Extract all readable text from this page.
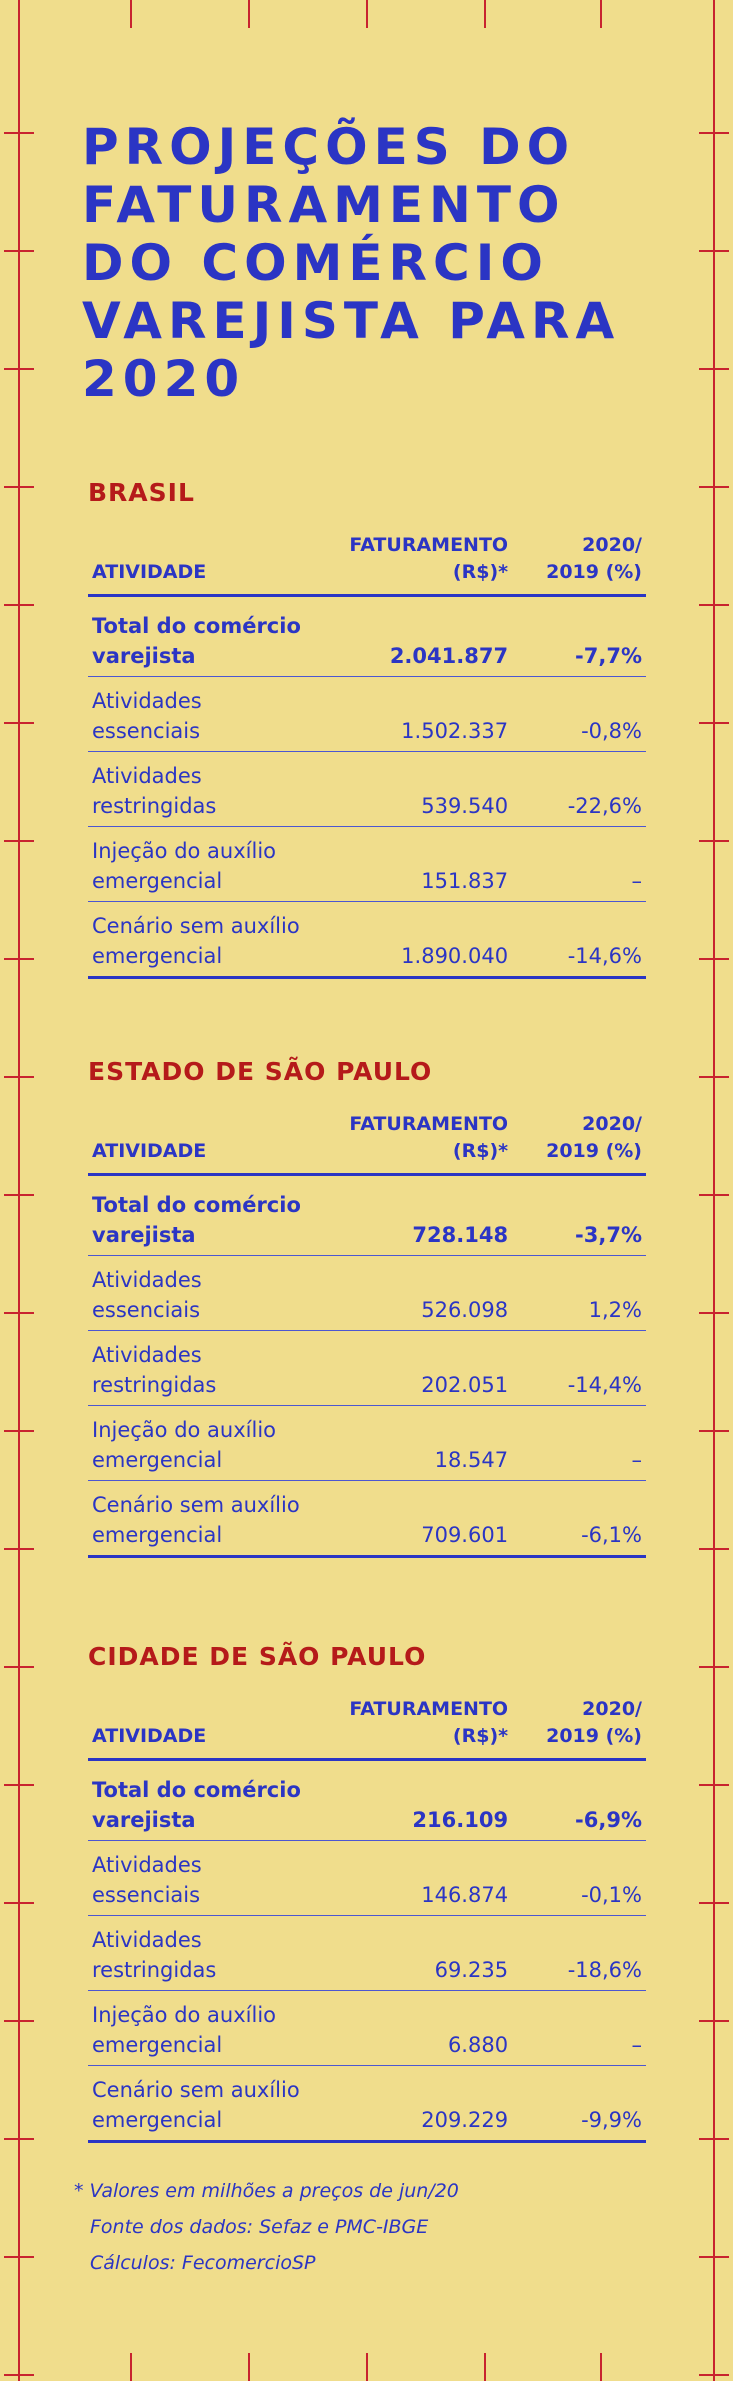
PROJEÇÕES DO FATURAMENTO DO COMÉRCIO VAREJISTA PARA 2020
BRASIL
ATIVIDADE	FATURAMENTO (R$)*	2020/
2019 (%)
Total do comércio
varejista	2.041.877	-7,7%
Atividades
essenciais	1.502.337	-0,8%
Atividades
restringidas	539.540	-22,6%
Injeção do auxílio
emergencial	151.837	–
Cenário sem auxílio
emergencial	1.890.040	-14,6%
ESTADO DE SÃO PAULO
ATIVIDADE	FATURAMENTO (R$)*	2020/
2019 (%)
Total do comércio
varejista	728.148	-3,7%
Atividades
essenciais	526.098	1,2%
Atividades
restringidas	202.051	-14,4%
Injeção do auxílio
emergencial	18.547	–
Cenário sem auxílio
emergencial	709.601	-6,1%
CIDADE DE SÃO PAULO
ATIVIDADE	FATURAMENTO (R$)*	2020/
2019 (%)
Total do comércio
varejista	216.109	-6,9%
Atividades
essenciais	146.874	-0,1%
Atividades
restringidas	69.235	-18,6%
Injeção do auxílio
emergencial	6.880	–
Cenário sem auxílio
emergencial	209.229	-9,9%
* Valores em milhões a preços de jun/20
Fonte dos dados: Sefaz e PMC-IBGE
Cálculos: FecomercioSP
